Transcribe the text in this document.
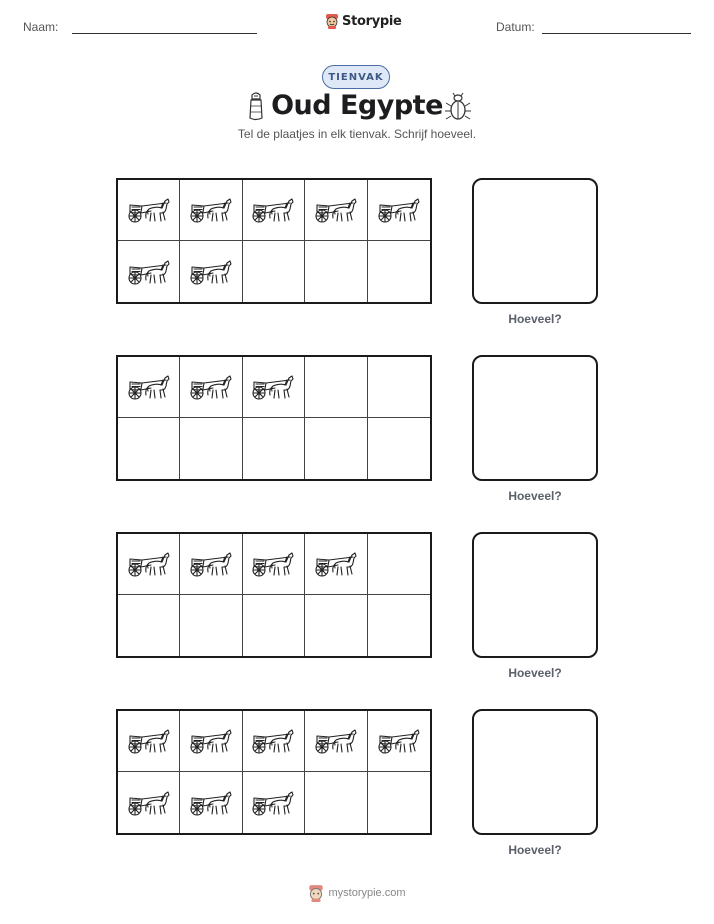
Naam:	Storypie	Datum:
TIENVAK
Oud Egypte
Tel de plaatjes in elk tienvak. Schrijf hoeveel.
Hoeveel?
Hoeveel?
Hoeveel?
Hoeveel?
mystorypie.com
